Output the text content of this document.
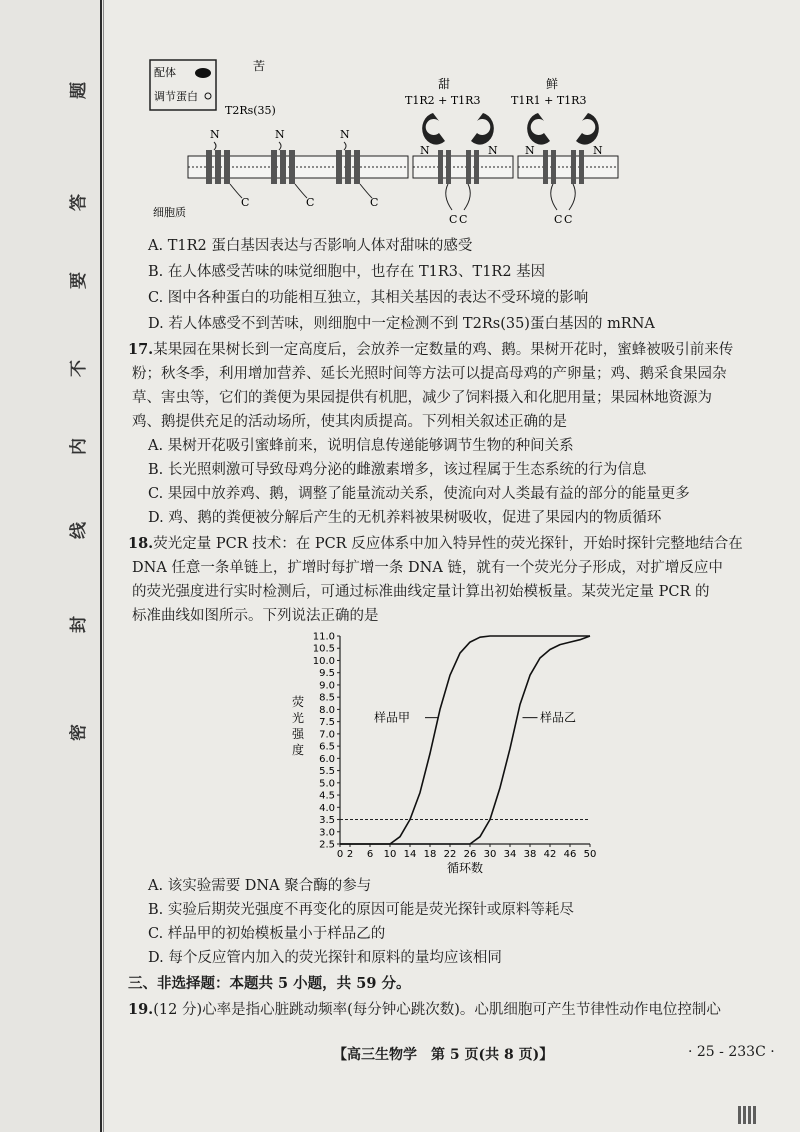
题
答
要
不
内
线
封
密
配体
调节蛋白
苦
T2Rs(35)
甜
T1R2 + T1R3
鲜
T1R1 + T1R3
N	N	N
C	C	C
N	N
C C
N	N
C C
细胞质
A. T1R2 蛋白基因表达与否影响人体对甜味的感受
B. 在人体感受苦味的味觉细胞中，也存在 T1R3、T1R2 基因
C. 图中各种蛋白的功能相互独立，其相关基因的表达不受环境的影响
D. 若人体感受不到苦味，则细胞中一定检测不到 T2Rs(35)蛋白基因的 mRNA
17.某果园在果树长到一定高度后，会放养一定数量的鸡、鹅。果树开花时，蜜蜂被吸引前来传
粉；秋冬季，利用增加营养、延长光照时间等方法可以提高母鸡的产卵量；鸡、鹅采食果园杂
草、害虫等，它们的粪便为果园提供有机肥，减少了饲料摄入和化肥用量；果园林地资源为
鸡、鹅提供充足的活动场所，使其肉质提高。下列相关叙述正确的是
A. 果树开花吸引蜜蜂前来，说明信息传递能够调节生物的种间关系
B. 长光照刺激可导致母鸡分泌的雌激素增多，该过程属于生态系统的行为信息
C. 果园中放养鸡、鹅，调整了能量流动关系，使流向对人类最有益的部分的能量更多
D. 鸡、鹅的粪便被分解后产生的无机养料被果树吸收，促进了果园内的物质循环
18.荧光定量 PCR 技术：在 PCR 反应体系中加入特异性的荧光探针，开始时探针完整地结合在
DNA 任意一条单链上，扩增时每扩增一条 DNA 链，就有一个荧光分子形成，对扩增反应中
的荧光强度进行实时检测后，可通过标准曲线定量计算出初始模板量。某荧光定量 PCR 的
标准曲线如图所示。下列说法正确的是
A. 该实验需要 DNA 聚合酶的参与
B. 实验后期荧光强度不再变化的原因可能是荧光探针或原料等耗尽
C. 样品甲的初始模板量小于样品乙的
D. 每个反应管内加入的荧光探针和原料的量均应该相同
三、非选择题：本题共 5 小题，共 59 分。
19.(12 分)心率是指心脏跳动频率(每分钟心跳次数)。心肌细胞可产生节律性动作电位控制心
【高三生物学　第 5 页(共 8 页)】	· 25 - 233C ·
2.5
3.0
3.5
4.0
4.5
5.0
5.5
6.0
6.5
7.0
7.5
8.0
8.5
9.0
9.5
10.0
10.5
11.0
0 2 6 10 14 18 22 26 30 34 38 42 46 50
循环数
荧
光
强
度
样品甲	样品乙
